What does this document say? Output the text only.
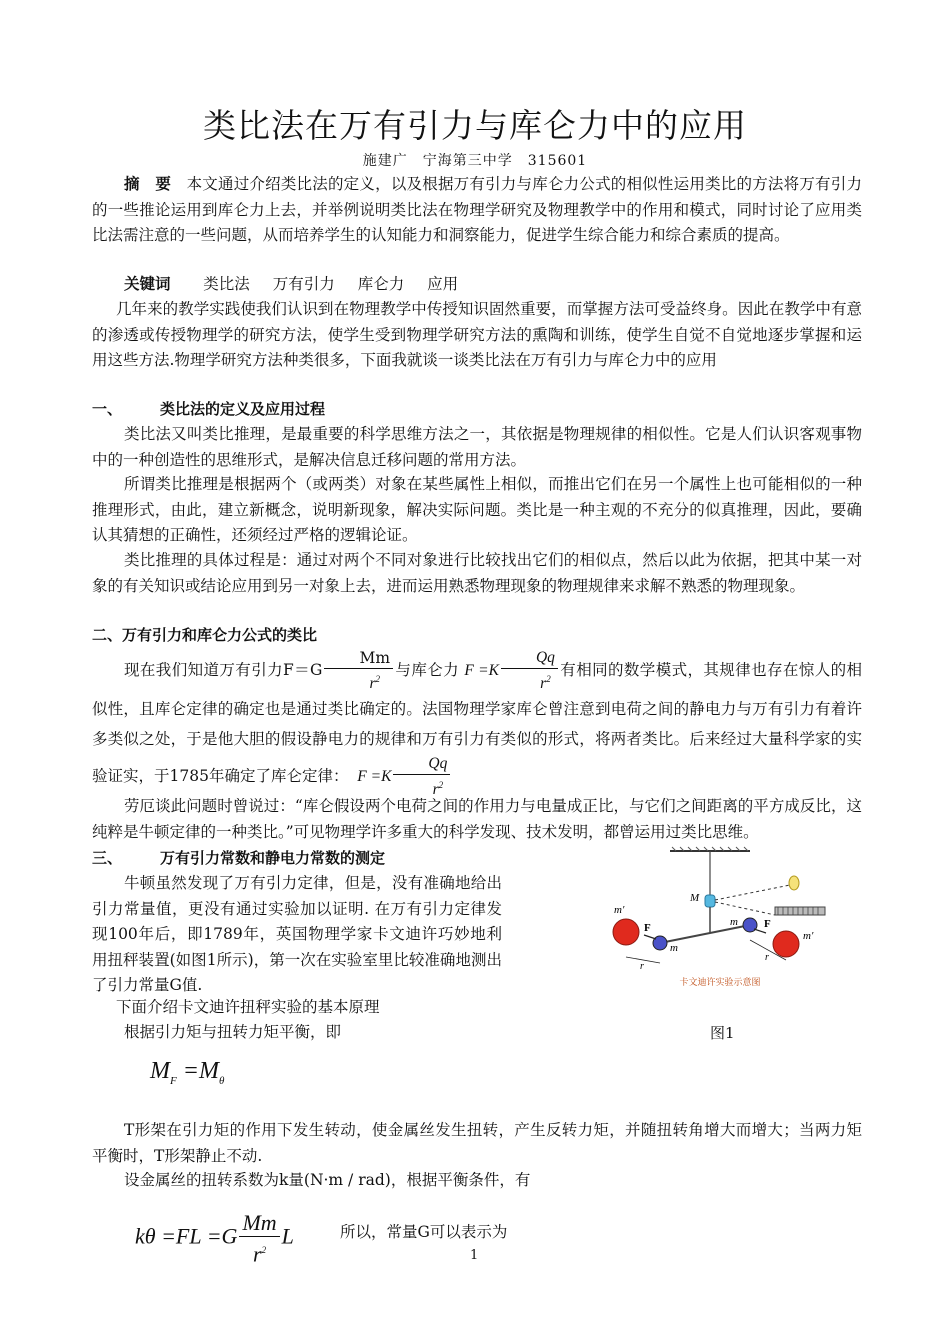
类比法在万有引力与库仑力中的应用
施建广　宁海第三中学　315601
摘　要 本文通过介绍类比法的定义，以及根据万有引力与库仑力公式的相似性运用类比的方法将万有引力的一些推论运用到库仑力上去，并举例说明类比法在物理学研究及物理教学中的作用和模式，同时讨论了应用类比法需注意的一些问题，从而培养学生的认知能力和洞察能力，促进学生综合能力和综合素质的提高。
关键词 类比法 万有引力 库仑力 应用
几年来的教学实践使我们认识到在物理教学中传授知识固然重要，而掌握方法可受益终身。因此在教学中有意的渗透或传授物理学的研究方法，使学生受到物理学研究方法的熏陶和训练，使学生自觉不自觉地逐步掌握和运用这些方法.物理学研究方法种类很多，下面我就谈一谈类比法在万有引力与库仑力中的应用
一、	类比法的定义及应用过程
类比法又叫类比推理，是最重要的科学思维方法之一，其依据是物理规律的相似性。它是人们认识客观事物中的一种创造性的思维形式，是解决信息迁移问题的常用方法。
所谓类比推理是根据两个（或两类）对象在某些属性上相似，而推出它们在另一个属性上也可能相似的一种推理形式，由此，建立新概念，说明新现象，解决实际问题。类比是一种主观的不充分的似真推理，因此，要确认其猜想的正确性，还须经过严格的逻辑论证。
类比推理的具体过程是：通过对两个不同对象进行比较找出它们的相似点，然后以此为依据，把其中某一对象的有关知识或结论应用到另一对象上去，进而运用熟悉物理现象的物理规律来求解不熟悉的物理现象。
二、万有引力和库仑力公式的类比
现在我们知道万有引力$F=G \frac{Mm}{r^2}$ 与库仑力 $F =K \frac{Qq}{r^2}$ 有相同的数学模式，其规律也存在惊人的相似性，且库仑定律的确定也是通过类比确定的。法国物理学家库仑曾注意到电荷之间的静电力与万有引力有着许多类似之处，于是他大胆的假设静电力的规律和万有引力有类似的形式，将两者类比。后来经过大量科学家的实验证实，于1785年确定了库仑定律： $F =K \frac{Qq}{r^2}$
劳厄谈此问题时曾说过：“库仑假设两个电荷之间的作用力与电量成正比，与它们之间距离的平方成反比，这纯粹是牛顿定律的一种类比。”可见物理学许多重大的科学发现、技术发明，都曾运用过类比思维。
三、	万有引力常数和静电力常数的测定
牛顿虽然发现了万有引力定律，但是，没有准确地给出引力常量值，更没有通过实验加以证明. 在万有引力定律发现100年后，即1789年，英国物理学家卡文迪许巧妙地利用扭秤装置(如图1所示)，第一次在实验室里比较准确地测出了引力常量G值.
下面介绍卡文迪许扭秤实验的基本原理
根据引力矩与扭转力矩平衡，即
$M_F =M_\theta$
T形架在引力矩的作用下发生转动，使金属丝发生扭转，产生反转力矩，并随扭转角增大而增大；当两力矩平衡时，T形架静止不动.
设金属丝的扭转系数为k量(N·m / rad)，根据平衡条件，有
$k\theta =FL =G \frac{Mm}{r^2}$ L	所以，常量G可以表示为
M
m′
m′
F	F
m
m
r
r
卡文迪许实验示意图
图1
1
